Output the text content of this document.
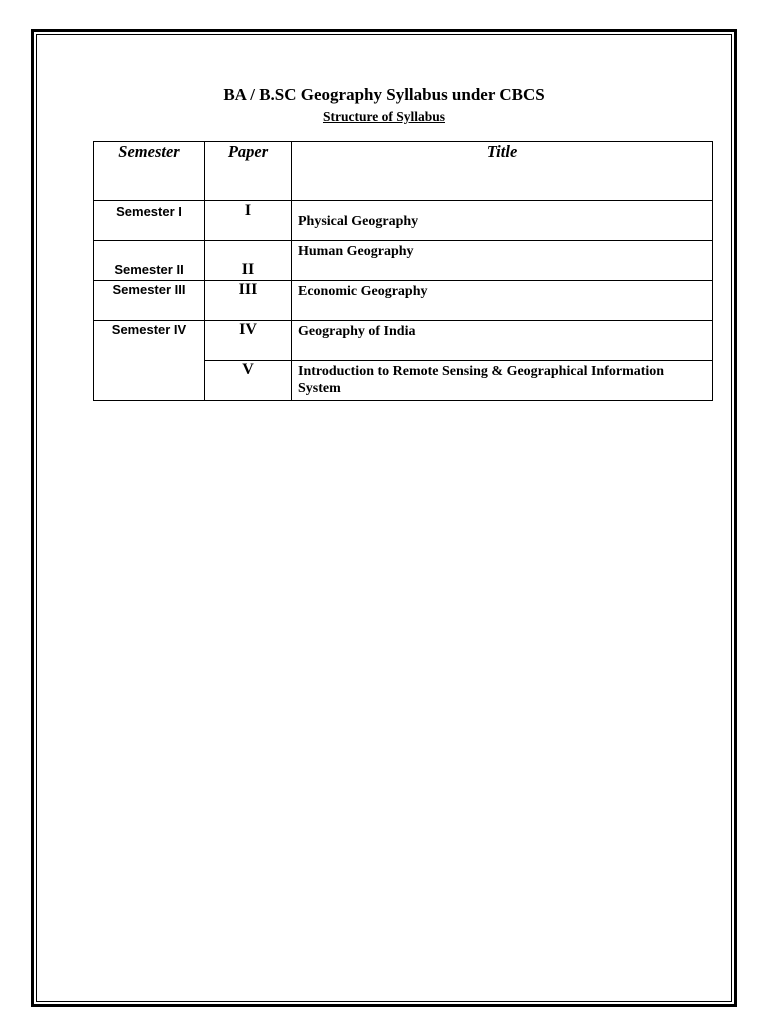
BA / B.SC Geography Syllabus under CBCS
Structure of Syllabus
Semester	Paper	Title

Semester I	I	Physical Geography

Semester II	II	Human Geography

Semester III	III	Economic Geography

Semester IV	IV	Geography of India

	V	Introduction to Remote Sensing & Geographical Information System
